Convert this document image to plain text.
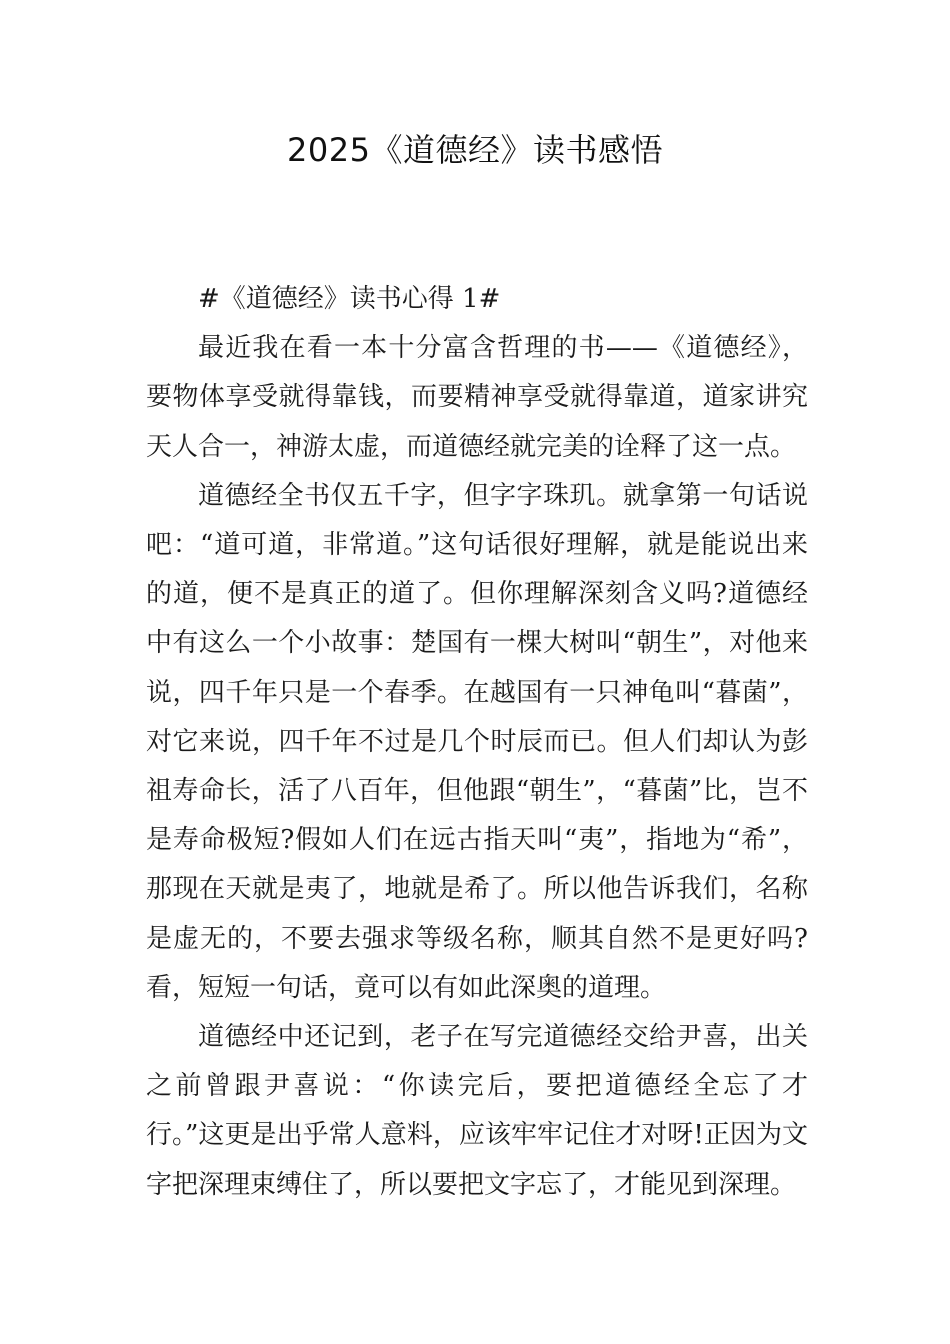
2025《道德经》读书感悟

#《道德经》读书心得 1#

最近我在看一本十分富含哲理的书——《道德经》，要物体享受就得靠钱，而要精神享受就得靠道，道家讲究天人合一，神游太虚，而道德经就完美的诠释了这一点。

道德经全书仅五千字，但字字珠玑。就拿第一句话说吧：“道可道，非常道。”这句话很好理解，就是能说出来的道，便不是真正的道了。但你理解深刻含义吗?道德经中有这么一个小故事：楚国有一棵大树叫“朝生”，对他来说，四千年只是一个春季。在越国有一只神龟叫“暮菌”，对它来说，四千年不过是几个时辰而已。但人们却认为彭祖寿命长，活了八百年，但他跟“朝生”，“暮菌”比，岂不是寿命极短?假如人们在远古指天叫“夷”，指地为“希”，那现在天就是夷了，地就是希了。所以他告诉我们，名称是虚无的，不要去强求等级名称，顺其自然不是更好吗?看，短短一句话，竟可以有如此深奥的道理。

道德经中还记到，老子在写完道德经交给尹喜，出关之前曾跟尹喜说：“你读完后，要把道德经全忘了才行。”这更是出乎常人意料，应该牢牢记住才对呀!正因为文字把深理束缚住了，所以要把文字忘了，才能见到深理。
